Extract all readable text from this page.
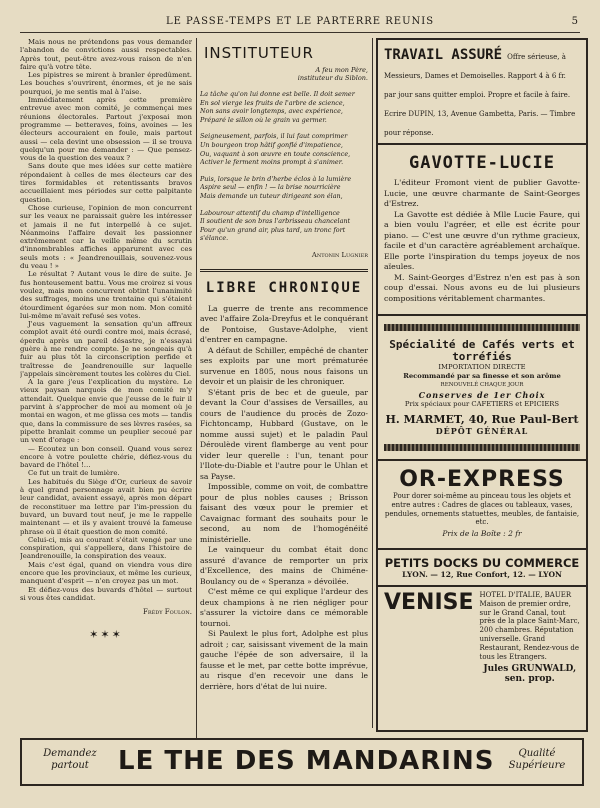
LE PASSE-TEMPS ET LE PARTERRE REUNIS	5

Mais nous ne prétendons pas vous demander l'abandon de convictions aussi respectables. Après tout, peut-être avez-vous raison de n'en faire qu'à votre tête.

Les pipistres se mirent à branler épredûment. Les bouches s'ouvrirent, énormes, et je ne sais pourquoi, je me sentis mal à l'aise.

Immédiatement après cette première entrevue avec mon comité, je commençai mes réunions électorales. Partout j'exposai mon programme — betteraves, foins, avoines — les électeurs accouraient en foule, mais partout aussi — cela devint une obsession — il se trouva quelqu'un pour me demander : — Que pensez-vous de la question des veaux ?

Sans doute que mes idées sur cette matière répondaient à celles de mes électeurs car des tires formidables et retentissants bravos accueillaient mes périodes sur cette palpitante question.

Chose curieuse, l'opinion de mon concurrent sur les veaux ne paraissait guère les intéresser et jamais il ne fut interpellé à ce sujet. Néanmoins l'affaire devait les passionner extrêmement car la veille même du scrutin d'innombrables affiches apparurent avec ces seuls mots : « Jeandrenouillais, souvenez-vous du veau ! »

Le résultat ? Autant vous le dire de suite. Je fus honteusement battu. Vous me croirez si vous voulez, mais mon concurrent obtint l'unanimité des suffrages, moins une trentaine qui s'étaient étourdiment égarées sur mon nom. Mon comité lui-même m'avait refusé ses votes.

J'eus vaguement la sensation qu'un affreux complot avait été ourdi contre moi, mais écrasé, éperdu après un pareil désastre, je n'essayai guère à me rendre compte. Je ne songeais qu'à fuir au plus tôt la circonscription perfide et traîtresse de Jeandrenouille sur laquelle j'appelais sincèrement toutes les colères du Ciel.

A la gare j'eus l'explication du mystère. Le vieux paysan narquois de mon comité m'y attendait. Quelque envie que j'eusse de le fuir il parvint à s'approcher de moi au moment où je montai en wagon, et me glissa ces mots — tandis que, dans la commissure de ses lèvres rasées, sa pipette branlait comme un peuplier secoué par un vent d'orage :

— Ecoutez un bon conseil. Quand vous serez encore à votre poulette chérie, défiez-vous du bavard de l'hôtel !…

Ce fut un trait de lumière.

Les habitués du Siège d'Or, curieux de savoir à quel grand personnage avait bien pu écrire leur candidat, avaient essayé, après mon départ de reconstituer ma lettre par l'im-pression du buvard, un buvard tout neuf, je me le rappelle maintenant — et ils y avaient trouvé la fameuse phrase où il était question de mon comité.

Celui-ci, mis au courant s'était vengé par une conspiration, qui s'appellera, dans l'histoire de Jeandrenouille, la conspiration des veaux.

Mais c'est égal, quand on viendra vous dire encore que les provinciaux, et même les curieux, manquent d'esprit — n'en croyez pas un mot.

Et défiez-vous des buvards d'hôtel — surtout si vous êtes candidat.

Frédy Foulon.

✶✶✶
INSTITUTEUR
A feu mon Père,
instituteur du Siblon.

La tâche qu'on lui donne est belle. Il doit semer

En sol vierge les fruits de l'arbre de science,

Non sans avoir longtemps, avec expérience,

Préparé le sillon où le grain va germer.

Seigneusement, parfois, il lui faut comprimer

Un bourgeon trop hâtif gonflé d'impatience,

Ou, vaquant à son œuvre en toute conscience,

Activer le ferment moins prompt à s'animer.

Puis, lorsque le brin d'herbe éclos à la lumière

Aspire seul — enfin ! — la brise nourricière

Mais demande un tuteur dirigeant son élan,

Labourour attentif du champ d'intelligence

Il soutient de son bras l'arbrisseau chancelant

Pour qu'un grand air, plus tard, un tronc fort s'élance.

Antonin Lugnier
LIBRE CHRONIQUE

La guerre de trente ans recommence avec l'affaire Zola-Dreyfus et le conquérant de Pontoise, Gustave-Adolphe, vient d'entrer en campagne.

A défaut de Schiller, empêché de chanter ses exploits par une mort prématurée survenue en 1805, nous nous faisons un devoir et un plaisir de les chroniquer.

S'étant pris de bec et de gueule, par devant la Cour d'assises de Versailles, au cours de l'audience du procès de Zozo-Fichtoncamp, Hubbard (Gustave, on le nomme aussi sujet) et le paladin Paul Déroulède virent flamberge au vent pour vider leur querelle : l'un, tenant pour l'Ilote-du-Diable et l'autre pour le Uhlan et sa Payse.

Impossible, comme on voit, de combattre pour de plus nobles causes ; Brisson faisant des vœux pour le premier et Cavaignac formant des souhaits pour le second, au nom de l'homogénéité ministérielle.

Le vainqueur du combat était donc assuré d'avance de remporter un prix d'Excellence, des mains de Chiméne-Boulancy ou de « Speranza » dévoilée.

C'est même ce qui explique l'ardeur des deux champions à ne rien négliger pour s'assurer la victoire dans ce mémorable tournoi.

Si Paulext le plus fort, Adolphe est plus adroit ; car, saisissant vivement de la main gauche l'épée de son adversaire, il la fausse et le met, par cette botte imprévue, au risque d'en recevoir une dans le derrière, hors d'état de lui nuire.

TRAVAIL ASSURÉ Offre sérieuse, à Messieurs, Dames et Demoiselles. Rapport 4 à 6 fr. par jour sans quitter emploi. Propre et facile à faire. Ecrire DUPIN, 13, Avenue Gambetta, Paris. — Timbre pour réponse.
GAVOTTE-LUCIE

L'éditeur Fromont vient de publier Gavotte-Lucie, une œuvre charmante de Saint-Georges d'Estrez.

La Gavotte est dédiée à Mlle Lucie Faure, qui a bien voulu l'agréer, et elle est écrite pour piano. — C'est une œuvre d'un rythme gracieux, facile et d'un caractère agréablement archaïque. Elle porte l'inspiration du temps joyeux de nos aïeules.

M. Saint-Georges d'Estrez n'en est pas à son coup d'essai. Nous avons eu de lui plusieurs compositions véritablement charmantes.

Spécialité de Cafés verts et torréfiés
IMPORTATION DIRECTE
Recommandé par sa finesse et son arôme
RENOUVELÉ CHAQUE JOUR
Conserves de 1er Choix
Prix spéciaux pour CAFETIERS et EPICIERS
H. MARMET, 40, Rue Paul-Bert
DÉPÔT GÉNÉRAL
OR-EXPRESS

Pour dorer soi-même au pinceau tous les objets et entre autres : Cadres de glaces ou tableaux, vases, pendules, ornements statuettes, meubles, de fantaisie, etc.

Prix de la Boîte : 2 fr

PETITS DOCKS DU COMMERCE
LYON. — 12, Rue Confort, 12. — LYON
VENISE HOTEL D'ITALIE, BAUER Maison de premier ordre, sur le Grand Canal, tout près de la place Saint-Marc, 200 chambres. Réputation universelle. Grand Restaurant, Rendez-vous de tous les Etrangers.
Jules GRUNWALD, sen. prop.
Demandez
partout	LE THE DES MANDARINS	Qualité
Supérieure
